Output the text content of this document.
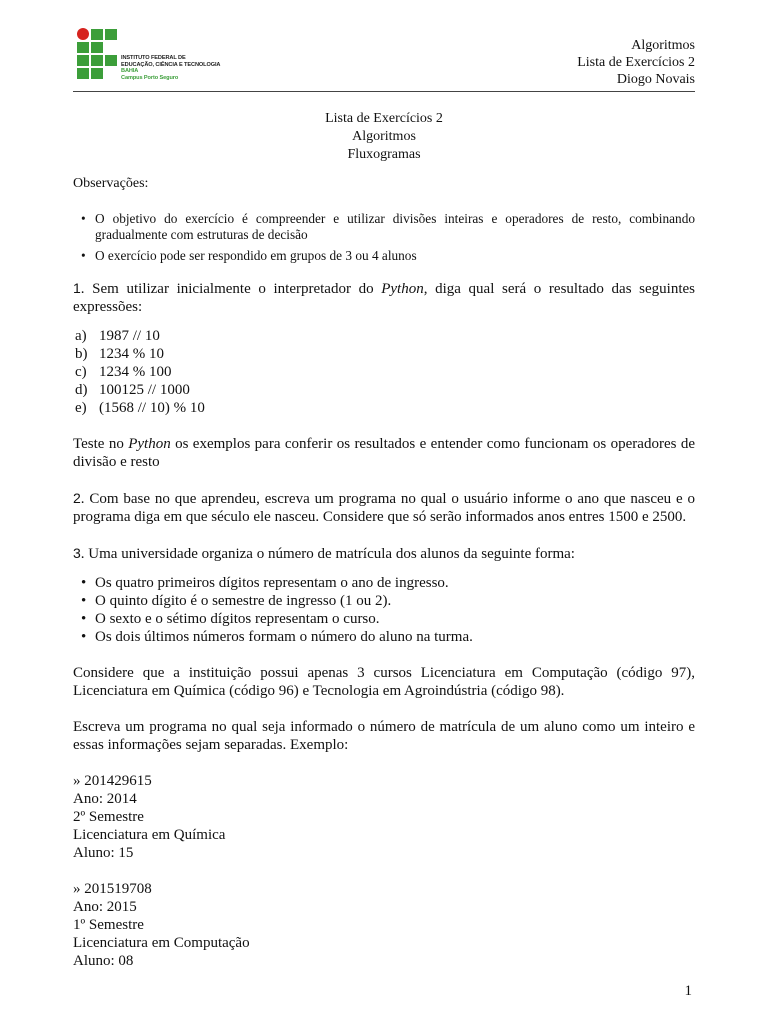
INSTITUTO FEDERAL DE
EDUCAÇÃO, CIÊNCIA E TECNOLOGIA
BAHIA
Campus Porto Seguro
Algoritmos
Lista de Exercícios 2
Diogo Novais
Lista de Exercícios 2
Algoritmos
Fluxogramas

Observações:

• O objetivo do exercício é compreender e utilizar divisões inteiras e operadores de resto, combinando gradualmente com estruturas de decisão
• O exercício pode ser respondido em grupos de 3 ou 4 alunos

1. Sem utilizar inicialmente o interpretador do Python, diga qual será o resultado das seguintes expressões:

a) 1987 // 10
b) 1234 % 10
c) 1234 % 100
d) 100125 // 1000
e) (1568 // 10) % 10

Teste no Python os exemplos para conferir os resultados e entender como funcionam os operadores de divisão e resto

2. Com base no que aprendeu, escreva um programa no qual o usuário informe o ano que nasceu e o programa diga em que século ele nasceu. Considere que só serão informados anos entres 1500 e 2500.

3. Uma universidade organiza o número de matrícula dos alunos da seguinte forma:

• Os quatro primeiros dígitos representam o ano de ingresso.
• O quinto dígito é o semestre de ingresso (1 ou 2).
• O sexto e o sétimo dígitos representam o curso.
• Os dois últimos números formam o número do aluno na turma.

Considere que a instituição possui apenas 3 cursos Licenciatura em Computação (código 97), Licenciatura em Química (código 96) e Tecnologia em Agroindústria (código 98).

Escreva um programa no qual seja informado o número de matrícula de um aluno como um inteiro e essas informações sejam separadas. Exemplo:

» 201429615
Ano: 2014
2º Semestre
Licenciatura em Química
Aluno: 15
» 201519708
Ano: 2015
1º Semestre
Licenciatura em Computação
Aluno: 08
1
